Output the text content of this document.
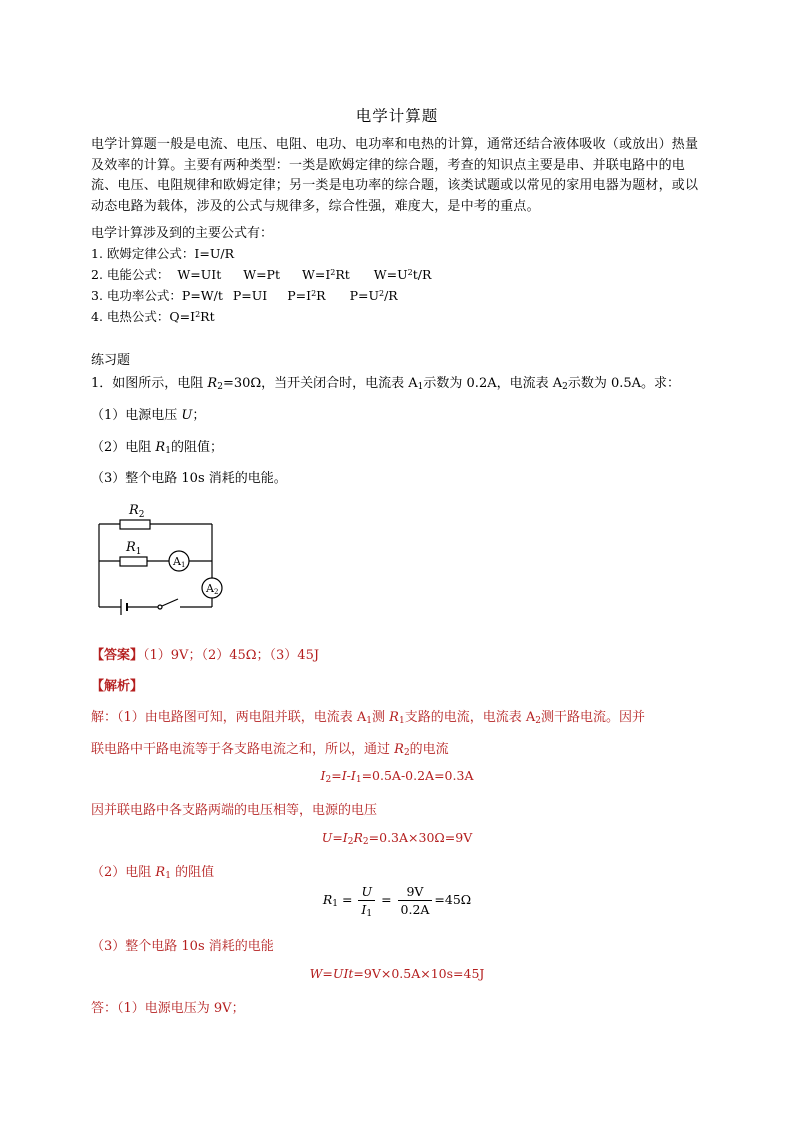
电学计算题
电学计算题一般是电流、电压、电阻、电功、电功率和电热的计算，通常还结合液体吸收（或放出）热量及效率的计算。主要有两种类型：一类是欧姆定律的综合题，考查的知识点主要是串、并联电路中的电流、电压、电阻规律和欧姆定律；另一类是电功率的综合题，该类试题或以常见的家用电器为题材，或以动态电路为载体，涉及的公式与规律多，综合性强，难度大，是中考的重点。
电学计算涉及到的主要公式有：
1. 欧姆定律公式：I=U/R
2. 电能公式： W=UIt W=Pt $W=I^2Rt$ $W=U^2t/R$
3. 电功率公式：P=W/t P=UI $P=I^2R$ $P=U^2/R$
4. 电热公式：$Q=I^2Rt$
练习题
1．如图所示，电阻 $R_2=30\Omega$，当开关闭合时，电流表 $A_1$示数为 0.2A，电流表 $A_2$示数为 0.5A。求：
（1）电源电压 U；
（2）电阻 $R_1$的阻值；
（3）整个电路 10s 消耗的电能。
$R_2$
$R_1$
A1
A2
【答案】（1）9V；（2）45Ω；（3）45J
【解析】
解：（1）由电路图可知，两电阻并联，电流表 $A_1$测 $R_1$支路的电流，电流表 $A_2$测干路电流。因并
联电路中干路电流等于各支路电流之和，所以，通过 $R_2$的电流
$I_2=I-I_1=0.5A-0.2A=0.3A$
因并联电路中各支路两端的电压相等，电源的电压
$U=I_2R_2=0.3A\times 30\Omega=9V$
（2）电阻 $R_1$ 的阻值
$R_1 = \frac{U}{I_1} = \frac{9V}{0.2A} =45\Omega$
（3）整个电路 10s 消耗的电能
W=UIt=9V×0.5A×10s=45J
答：（1）电源电压为 9V；
